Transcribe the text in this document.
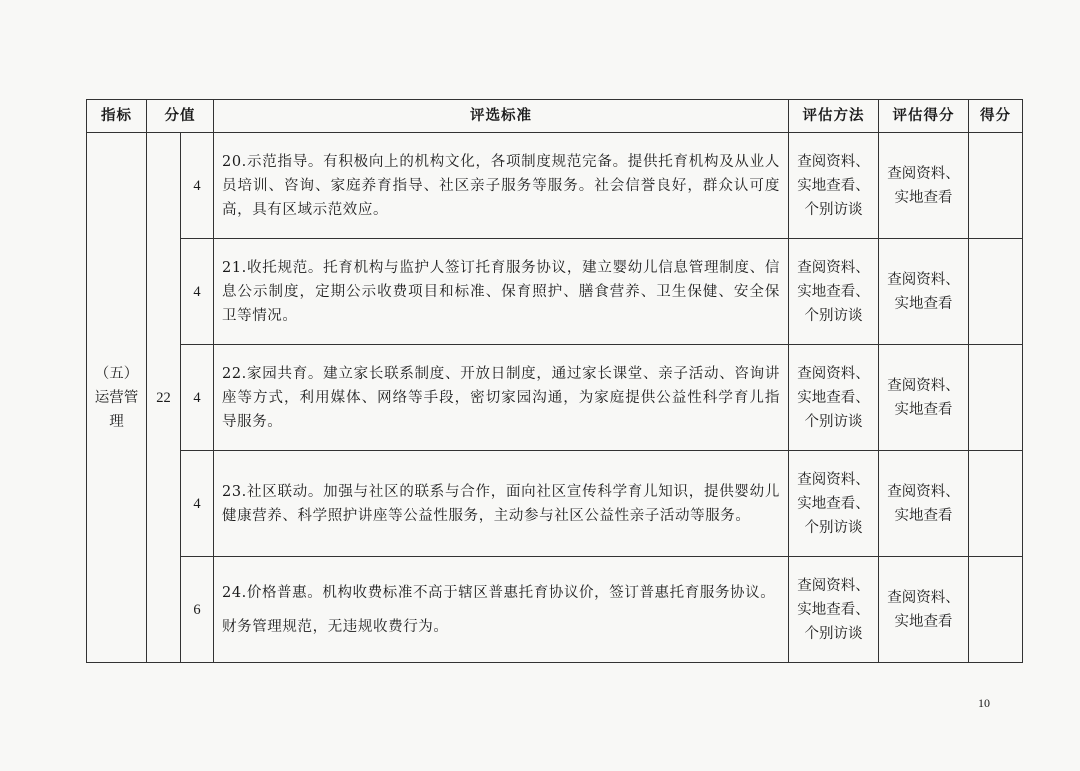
指标	分值		评选标准	评估方法	评估得分	得分

（五）
运营管
理	22	4	20.示范指导。有积极向上的机构文化，各项制度规范完备。提供托育机构及从业人员培训、咨询、家庭养育指导、社区亲子服务等服务。社会信誉良好，群众认可度高，具有区域示范效应。	查阅资料、
实地查看、
个别访谈	查阅资料、
实地查看	

		4	21.收托规范。托育机构与监护人签订托育服务协议，建立婴幼儿信息管理制度、信息公示制度，定期公示收费项目和标准、保育照护、膳食营养、卫生保健、安全保卫等情况。	查阅资料、
实地查看、
个别访谈	查阅资料、
实地查看	

		4	22.家园共育。建立家长联系制度、开放日制度，通过家长课堂、亲子活动、咨询讲座等方式，利用媒体、网络等手段，密切家园沟通，为家庭提供公益性科学育儿指导服务。	查阅资料、
实地查看、
个别访谈	查阅资料、
实地查看	

		4	23.社区联动。加强与社区的联系与合作，面向社区宣传科学育儿知识，提供婴幼儿健康营养、科学照护讲座等公益性服务，主动参与社区公益性亲子活动等服务。	查阅资料、
实地查看、
个别访谈	查阅资料、
实地查看	

		6	24.价格普惠。机构收费标准不高于辖区普惠托育协议价，签订普惠托育服务协议。
财务管理规范，无违规收费行为。	查阅资料、
实地查看、
个别访谈	查阅资料、
实地查看	

10
